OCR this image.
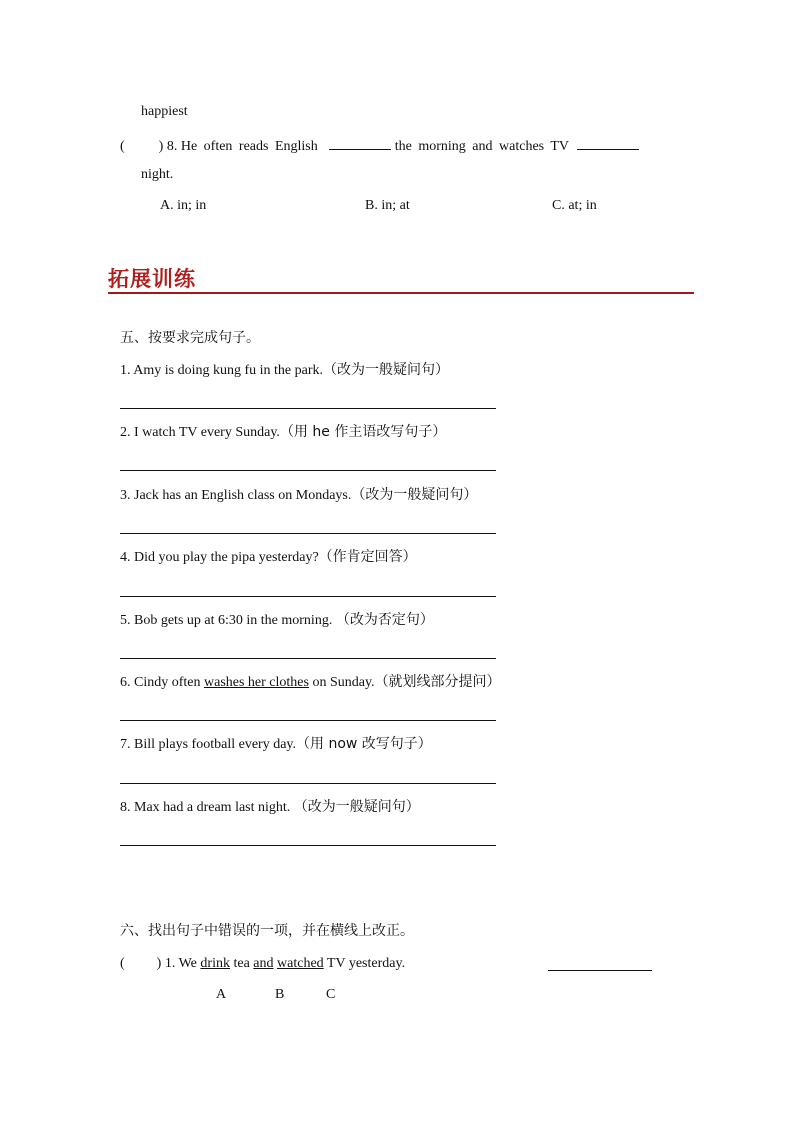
happiest
( ) 8. He often reads English	the morning and watches TV
night.
A. in; in	B. in; at	C. at; in
拓展训练
五、按要求完成句子。
1. Amy is doing kung fu in the park.（改为一般疑问句）
2. I watch TV every Sunday.（用 he 作主语改写句子）
3. Jack has an English class on Mondays.（改为一般疑问句）
4. Did you play the pipa yesterday?（作肯定回答）
5. Bob gets up at 6:30 in the morning. （改为否定句）
6. Cindy often washes her clothes on Sunday.（就划线部分提问）
7. Bill plays football every day.（用 now 改写句子）
8. Max had a dream last night. （改为一般疑问句）
六、找出句子中错误的一项，并在横线上改正。
( ) 1. We drink tea and watched TV yesterday.
A	B	C
